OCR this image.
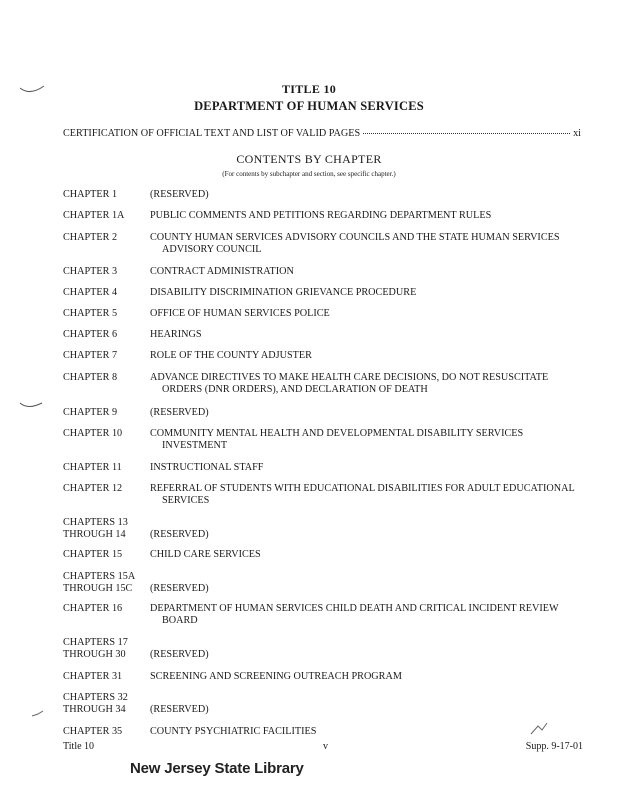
TITLE 10
DEPARTMENT OF HUMAN SERVICES
CERTIFICATION OF OFFICIAL TEXT AND LIST OF VALID PAGES	xi
CONTENTS BY CHAPTER
(For contents by subchapter and section, see specific chapter.)
CHAPTER 1	(RESERVED)
CHAPTER 1A	PUBLIC COMMENTS AND PETITIONS REGARDING DEPARTMENT RULES
CHAPTER 2	COUNTY HUMAN SERVICES ADVISORY COUNCILS AND THE STATE HUMAN SERVICES
ADVISORY COUNCIL
CHAPTER 3	CONTRACT ADMINISTRATION
CHAPTER 4	DISABILITY DISCRIMINATION GRIEVANCE PROCEDURE
CHAPTER 5	OFFICE OF HUMAN SERVICES POLICE
CHAPTER 6	HEARINGS
CHAPTER 7	ROLE OF THE COUNTY ADJUSTER
CHAPTER 8	ADVANCE DIRECTIVES TO MAKE HEALTH CARE DECISIONS, DO NOT RESUSCITATE
ORDERS (DNR ORDERS), AND DECLARATION OF DEATH
CHAPTER 9	(RESERVED)
CHAPTER 10	COMMUNITY MENTAL HEALTH AND DEVELOPMENTAL DISABILITY SERVICES
INVESTMENT
CHAPTER 11	INSTRUCTIONAL STAFF
CHAPTER 12	REFERRAL OF STUDENTS WITH EDUCATIONAL DISABILITIES FOR ADULT EDUCATIONAL
SERVICES
CHAPTERS 13
THROUGH 14	(RESERVED)
CHAPTER 15	CHILD CARE SERVICES
CHAPTERS 15A
THROUGH 15C	(RESERVED)
CHAPTER 16	DEPARTMENT OF HUMAN SERVICES CHILD DEATH AND CRITICAL INCIDENT REVIEW
BOARD
CHAPTERS 17
THROUGH 30	(RESERVED)
CHAPTER 31	SCREENING AND SCREENING OUTREACH PROGRAM
CHAPTERS 32
THROUGH 34	(RESERVED)
CHAPTER 35	COUNTY PSYCHIATRIC FACILITIES
Title 10	v	Supp. 9-17-01
New Jersey State Library
